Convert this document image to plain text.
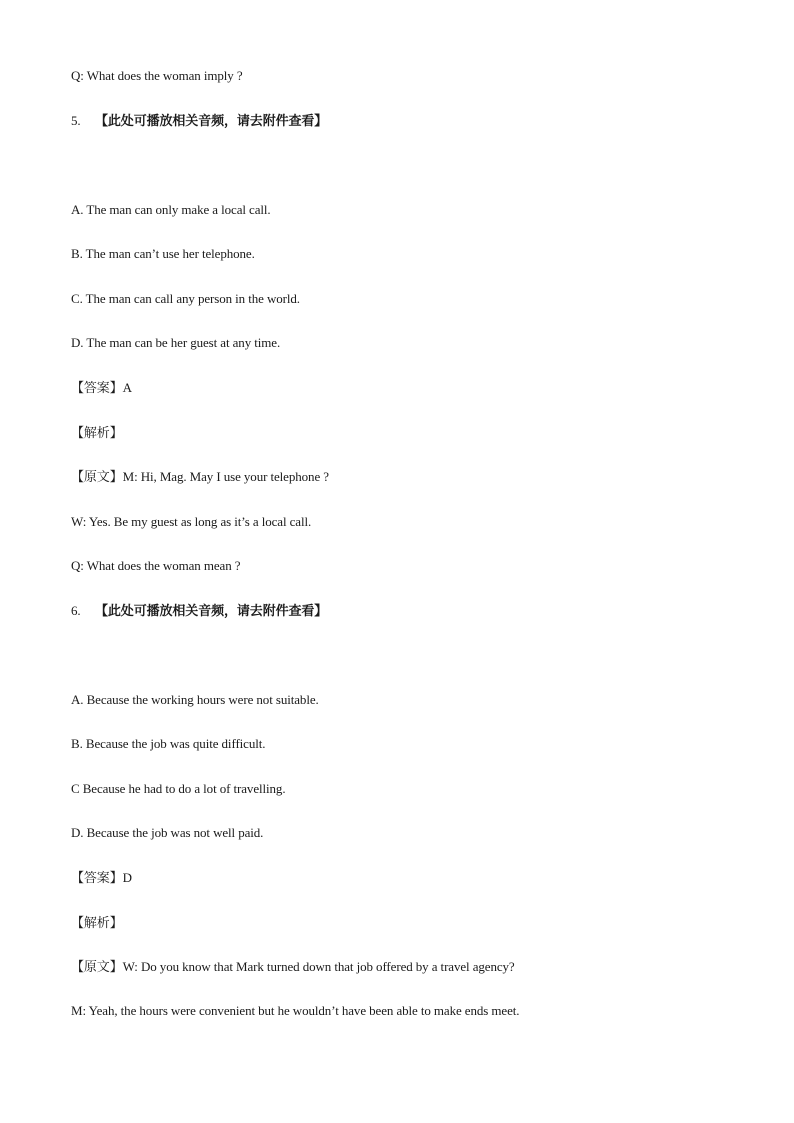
Q: What does the woman imply ?
5. 【此处可播放相关音频，请去附件查看】
A. The man can only make a local call.
B. The man can’t use her telephone.
C. The man can call any person in the world.
D. The man can be her guest at any time.
【答案】A
【解析】
【原文】M: Hi, Mag. May I use your telephone ?
W: Yes. Be my guest as long as it’s a local call.
Q: What does the woman mean ?
6. 【此处可播放相关音频，请去附件查看】
A. Because the working hours were not suitable.
B. Because the job was quite difficult.
C Because he had to do a lot of travelling.
D. Because the job was not well paid.
【答案】D
【解析】
【原文】W: Do you know that Mark turned down that job offered by a travel agency?
M: Yeah, the hours were convenient but he wouldn’t have been able to make ends meet.
